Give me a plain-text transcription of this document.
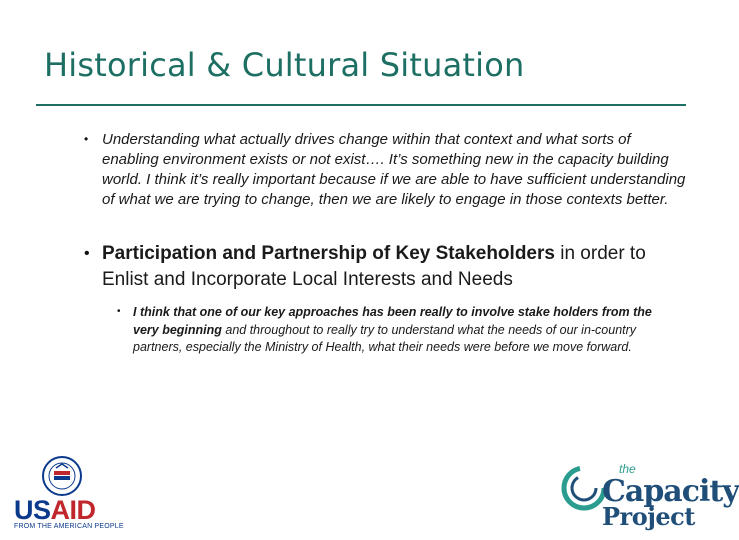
Historical & Cultural Situation
• Understanding what actually drives change within that context and what sorts of enabling environment exists or not exist…. It’s something new in the capacity building world. I think it’s really important because if we are able to have sufficient understanding of what we are trying to change, then we are likely to engage in those contexts better.
• Participation and Partnership of Key Stakeholders in order to Enlist and Incorporate Local Interests and Needs
• I think that one of our key approaches has been really to involve stake holders from the very beginning and throughout to really try to understand what the needs of our in-country partners, especially the Ministry of Health, what their needs were before we move forward.
USAID
FROM THE AMERICAN PEOPLE
the
Capacity
Project
